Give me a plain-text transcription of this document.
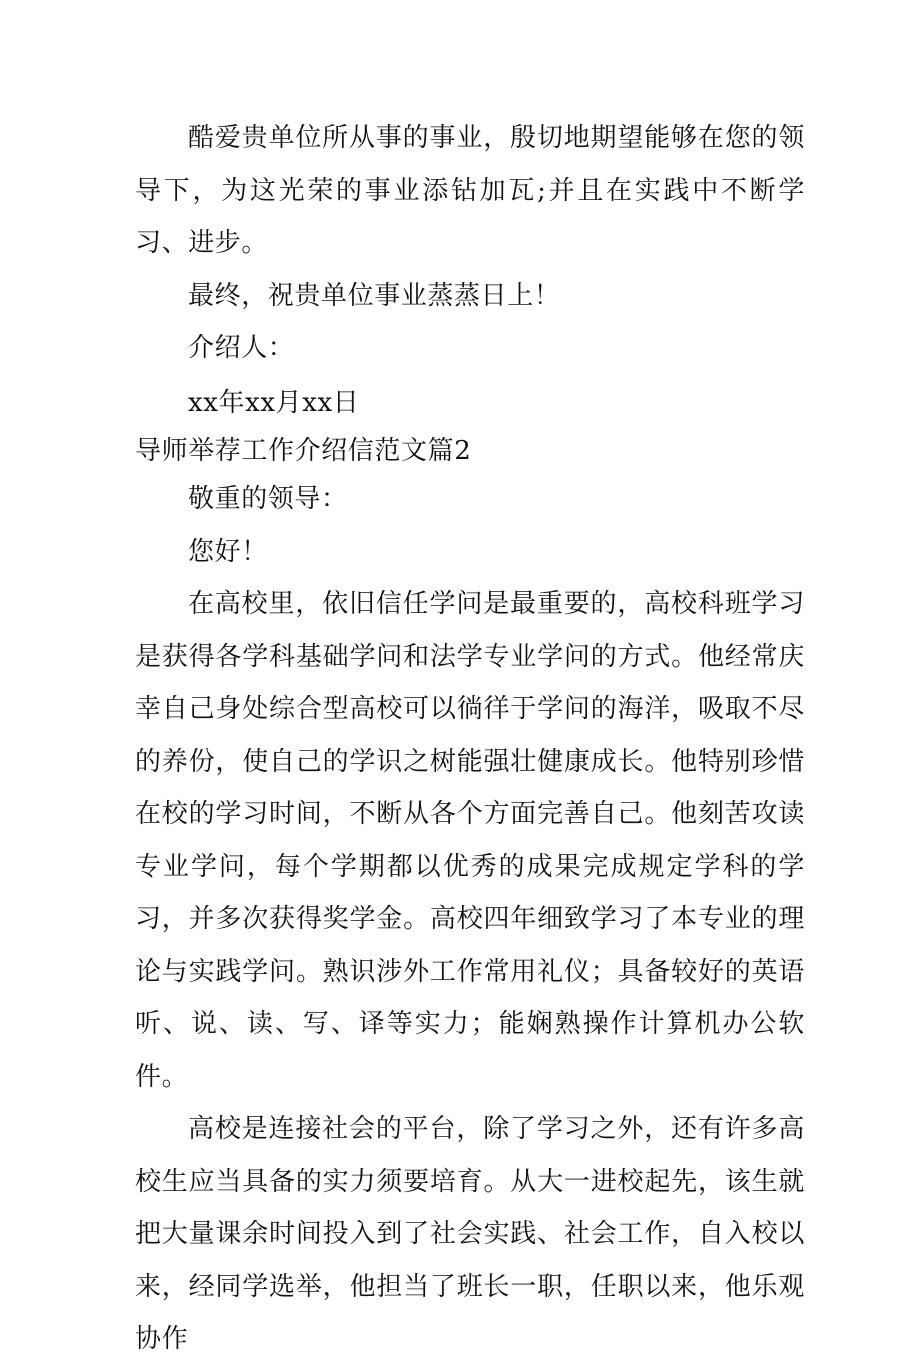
酷爱贵单位所从事的事业，殷切地期望能够在您的领导下，为这光荣的事业添钻加瓦;并且在实践中不断学习、进步。

最终，祝贵单位事业蒸蒸日上！

介绍人：

xx年xx月xx日

导师举荐工作介绍信范文篇2

敬重的领导：

您好！

在高校里，依旧信任学问是最重要的，高校科班学习是获得各学科基础学问和法学专业学问的方式。他经常庆幸自己身处综合型高校可以徜徉于学问的海洋，吸取不尽的养份，使自己的学识之树能强壮健康成长。他特别珍惜在校的学习时间，不断从各个方面完善自己。他刻苦攻读专业学问，每个学期都以优秀的成果完成规定学科的学习，并多次获得奖学金。高校四年细致学习了本专业的理论与实践学问。熟识涉外工作常用礼仪；具备较好的英语听、说、读、写、译等实力；能娴熟操作计算机办公软件。

高校是连接社会的平台，除了学习之外，还有许多高校生应当具备的实力须要培育。从大一进校起先，该生就把大量课余时间投入到了社会实践、社会工作，自入校以来，经同学选举，他担当了班长一职，任职以来，他乐观协作
